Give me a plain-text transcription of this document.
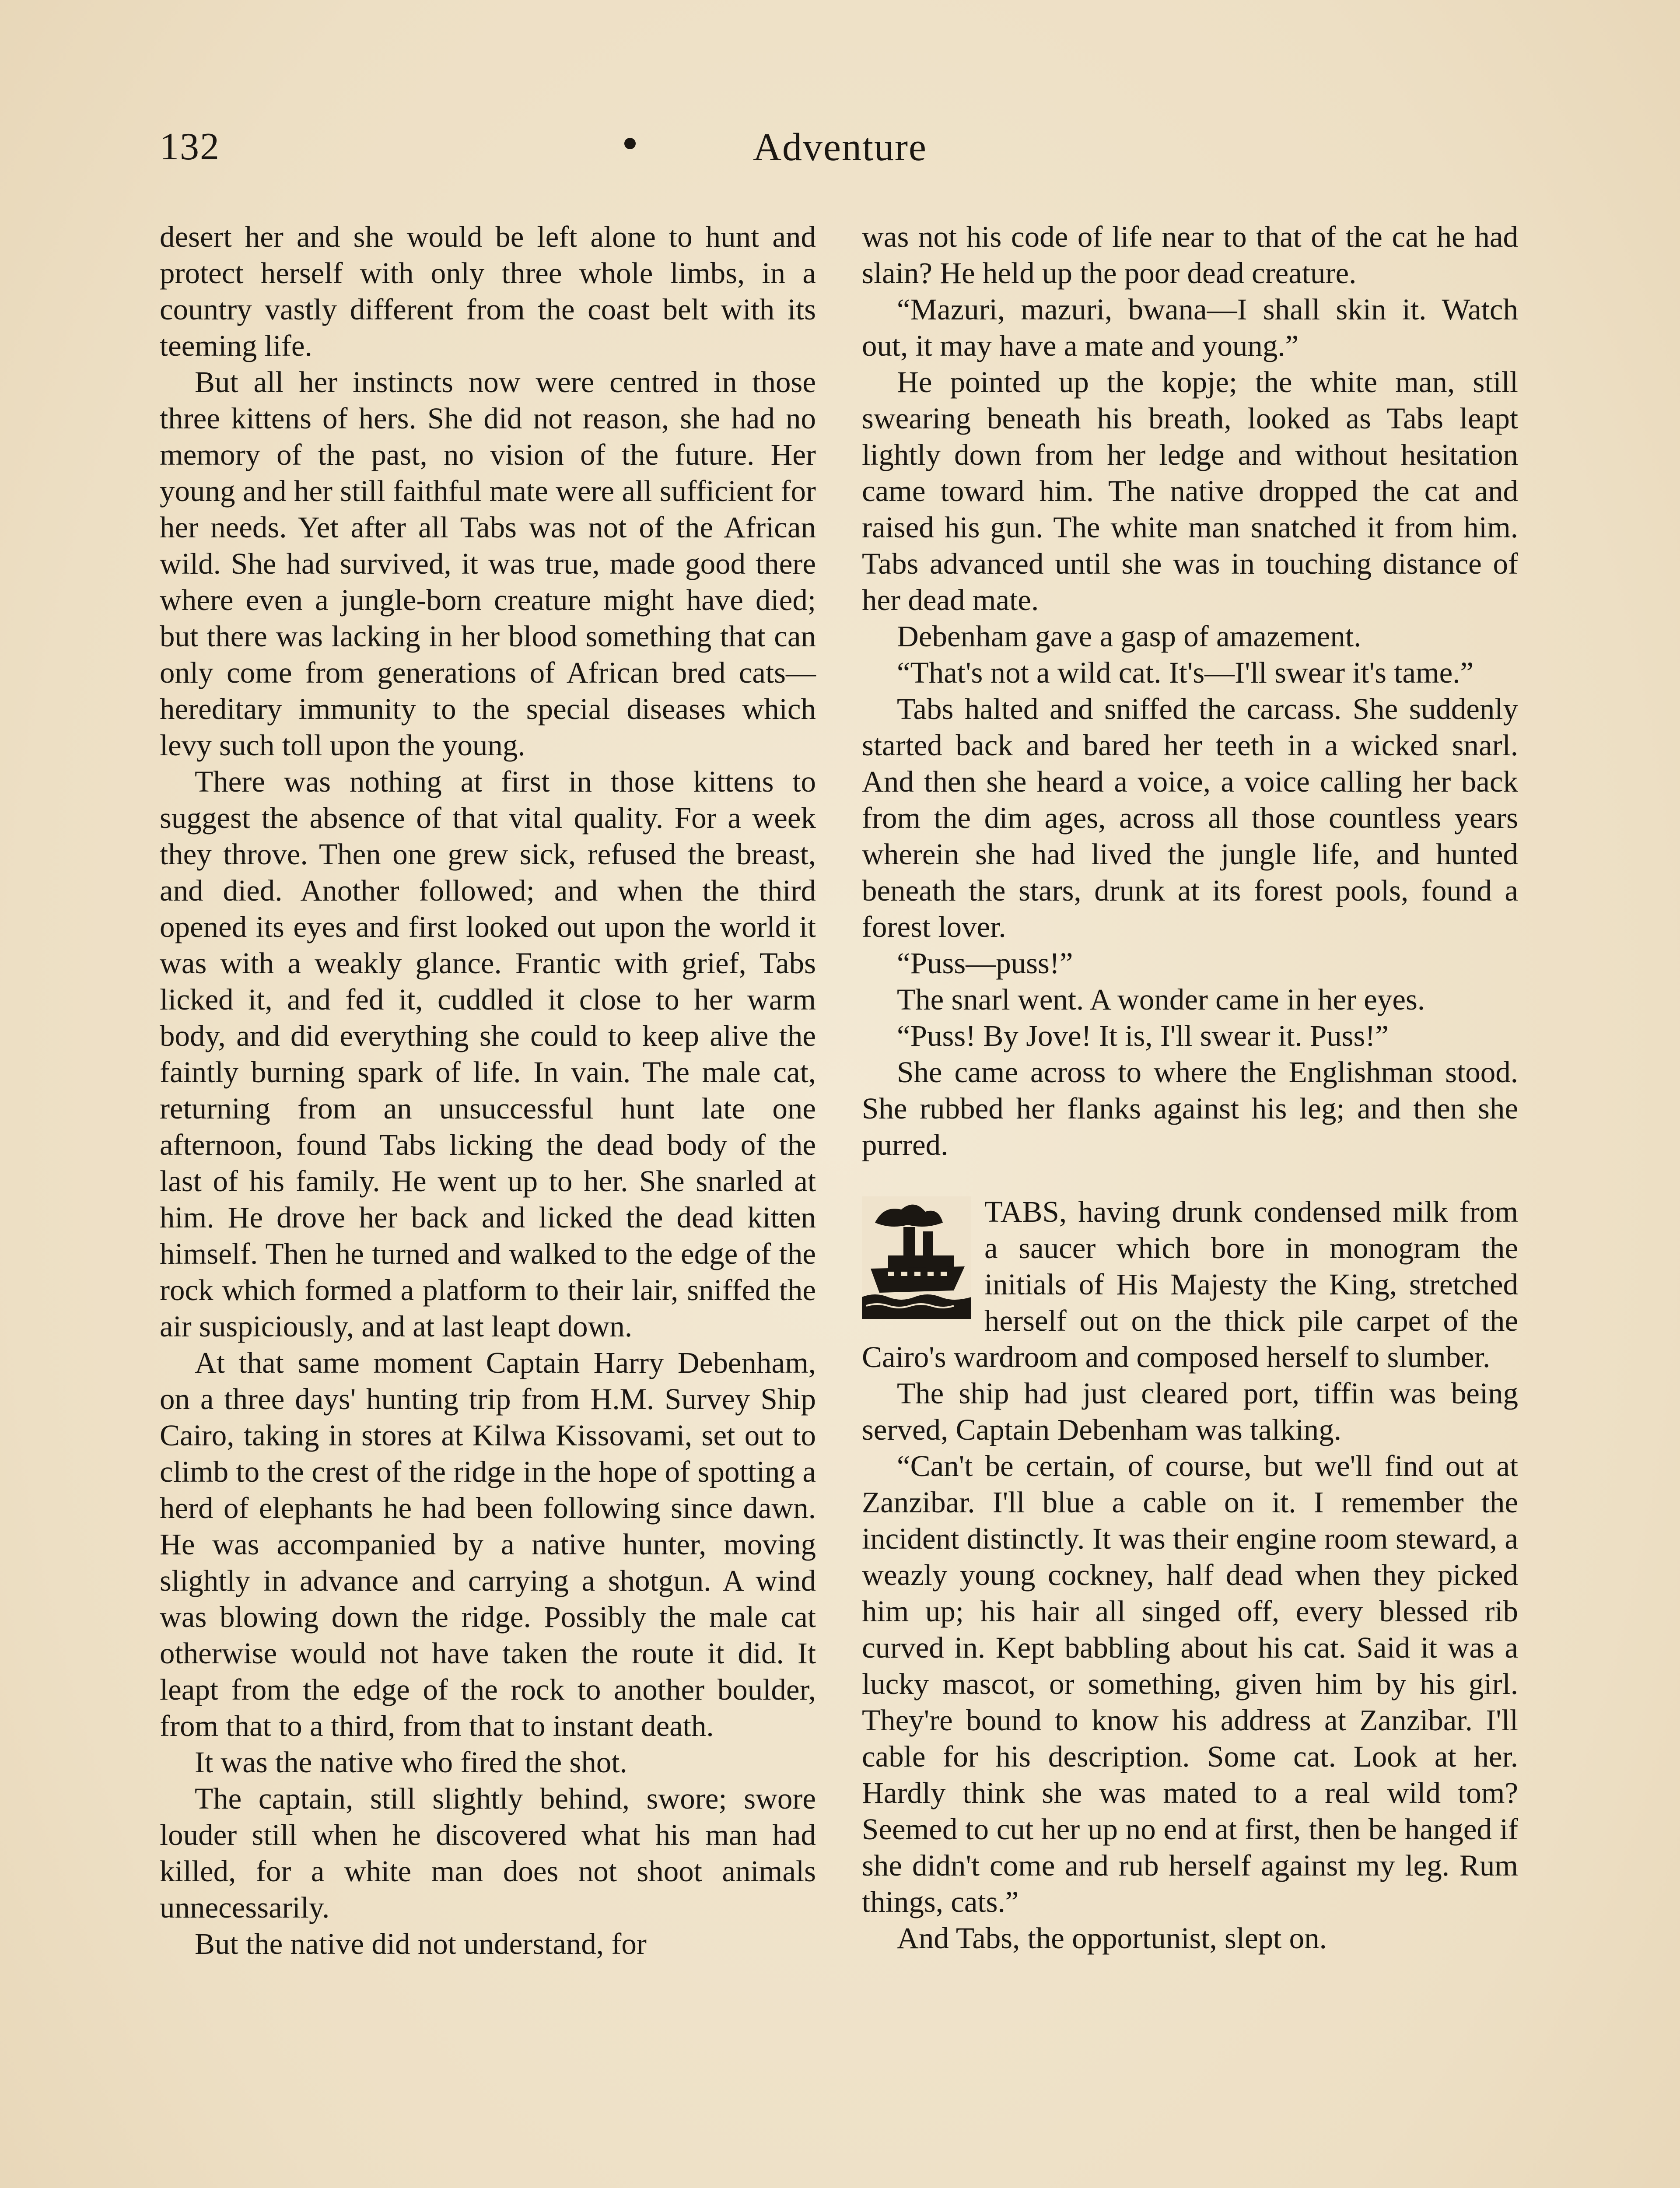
132	Adventure

desert her and she would be left alone to hunt and protect herself with only three whole limbs, in a country vastly different from the coast belt with its teeming life.

But all her instincts now were centred in those three kittens of hers. She did not reason, she had no memory of the past, no vision of the future. Her young and her still faithful mate were all sufficient for her needs. Yet after all Tabs was not of the African wild. She had survived, it was true, made good there where even a jungle-born creature might have died; but there was lacking in her blood something that can only come from generations of African bred cats—hereditary immunity to the special diseases which levy such toll upon the young.

There was nothing at first in those kittens to suggest the absence of that vital quality. For a week they throve. Then one grew sick, refused the breast, and died. Another followed; and when the third opened its eyes and first looked out upon the world it was with a weakly glance. Frantic with grief, Tabs licked it, and fed it, cuddled it close to her warm body, and did everything she could to keep alive the faintly burning spark of life. In vain. The male cat, returning from an unsuccessful hunt late one afternoon, found Tabs licking the dead body of the last of his family. He went up to her. She snarled at him. He drove her back and licked the dead kitten himself. Then he turned and walked to the edge of the rock which formed a platform to their lair, sniffed the air suspiciously, and at last leapt down.

At that same moment Captain Harry Debenham, on a three days' hunting trip from H.M. Survey Ship Cairo, taking in stores at Kilwa Kissovami, set out to climb to the crest of the ridge in the hope of spotting a herd of elephants he had been following since dawn. He was accompanied by a native hunter, moving slightly in advance and carrying a shotgun. A wind was blowing down the ridge. Possibly the male cat otherwise would not have taken the route it did. It leapt from the edge of the rock to another boulder, from that to a third, from that to instant death.

It was the native who fired the shot.

The captain, still slightly behind, swore; swore louder still when he discovered what his man had killed, for a white man does not shoot animals unnecessarily.

But the native did not understand, for

was not his code of life near to that of the cat he had slain? He held up the poor dead creature.

“Mazuri, mazuri, bwana—I shall skin it. Watch out, it may have a mate and young.”

He pointed up the kopje; the white man, still swearing beneath his breath, looked as Tabs leapt lightly down from her ledge and without hesitation came toward him. The native dropped the cat and raised his gun. The white man snatched it from him. Tabs advanced until she was in touching distance of her dead mate.

Debenham gave a gasp of amazement.

“That's not a wild cat. It's—I'll swear it's tame.”

Tabs halted and sniffed the carcass. She suddenly started back and bared her teeth in a wicked snarl. And then she heard a voice, a voice calling her back from the dim ages, across all those countless years wherein she had lived the jungle life, and hunted beneath the stars, drunk at its forest pools, found a forest lover.

“Puss—puss!”

The snarl went. A wonder came in her eyes.

“Puss! By Jove! It is, I'll swear it. Puss!”

She came across to where the Englishman stood. She rubbed her flanks against his leg; and then she purred.

TABS, having drunk condensed milk from a saucer which bore in monogram the initials of His Majesty the King, stretched herself out on the thick pile carpet of the Cairo's wardroom and composed herself to slumber.

The ship had just cleared port, tiffin was being served, Captain Debenham was talking.

“Can't be certain, of course, but we'll find out at Zanzibar. I'll blue a cable on it. I remember the incident distinctly. It was their engine room steward, a weazly young cockney, half dead when they picked him up; his hair all singed off, every blessed rib curved in. Kept babbling about his cat. Said it was a lucky mascot, or something, given him by his girl. They're bound to know his address at Zanzibar. I'll cable for his description. Some cat. Look at her. Hardly think she was mated to a real wild tom? Seemed to cut her up no end at first, then be hanged if she didn't come and rub herself against my leg. Rum things, cats.”

And Tabs, the opportunist, slept on.
